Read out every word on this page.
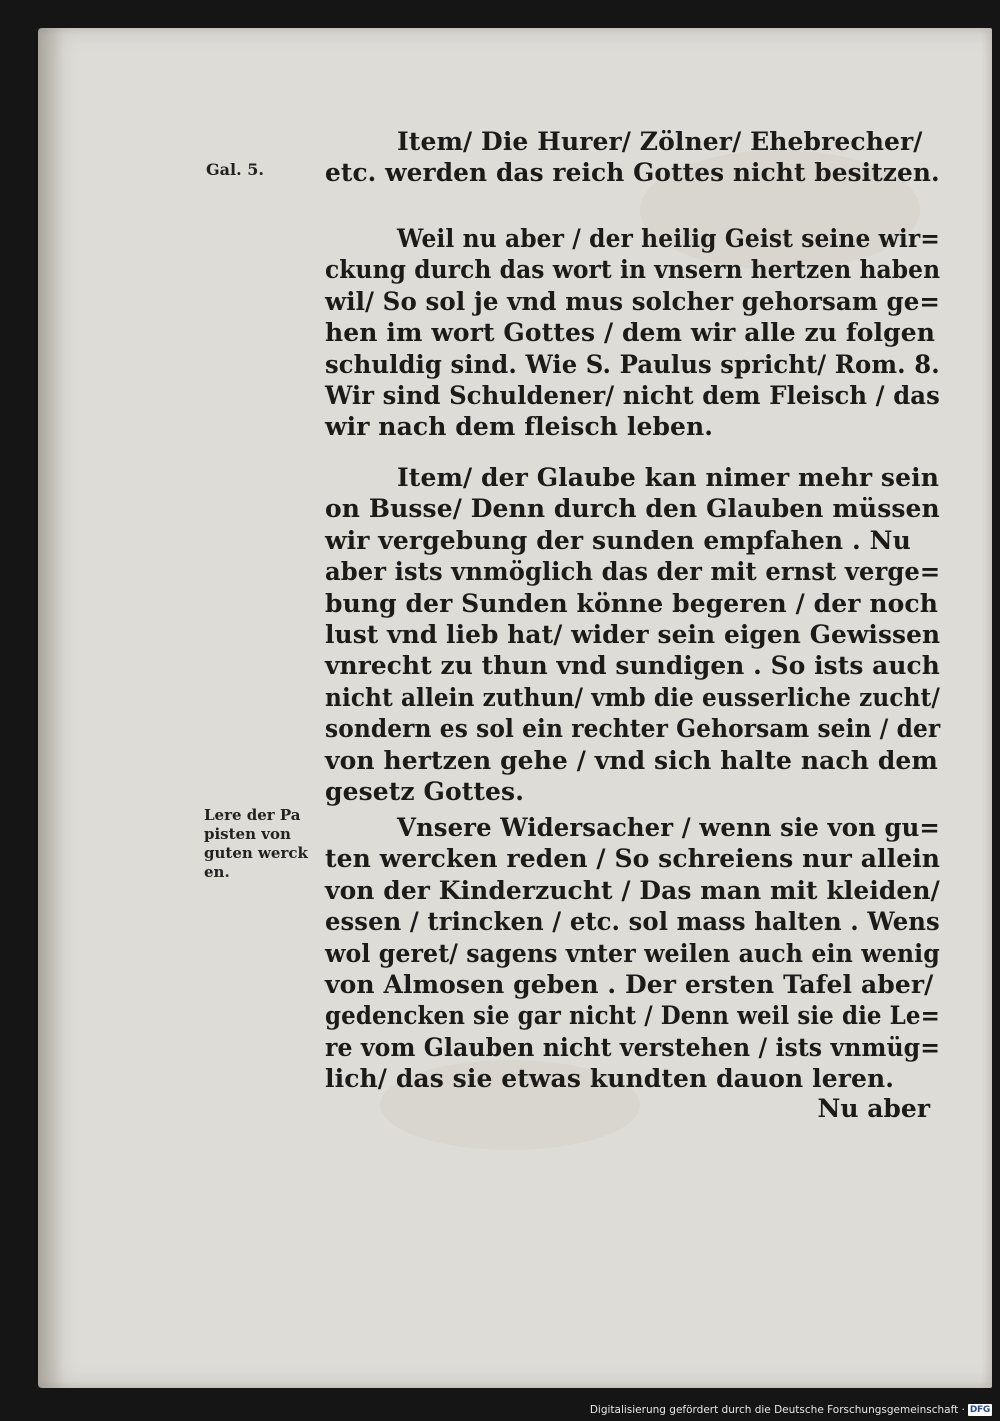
Gal. 5.
Lere der Pa
pisten von
guten werck
en.
Item/ Die Hurer/ Zölner/ Ehebrecher/
etc. werden das reich Gottes nicht besitzen.
Weil nu aber / der heilig Geist seine wir=
ckung durch das wort in vnsern hertzen haben
wil/ So sol je vnd mus solcher gehorsam ge=
hen im wort Gottes / dem wir alle zu folgen
schuldig sind. Wie S. Paulus spricht/ Rom. 8.
Wir sind Schuldener/ nicht dem Fleisch / das
wir nach dem fleisch leben.
Item/ der Glaube kan nimer mehr sein
on Busse/ Denn durch den Glauben müssen
wir vergebung der sunden empfahen . Nu
aber ists vnmöglich das der mit ernst verge=
bung der Sunden könne begeren / der noch
lust vnd lieb hat/ wider sein eigen Gewissen
vnrecht zu thun vnd sundigen . So ists auch
nicht allein zuthun/ vmb die eusserliche zucht/
sondern es sol ein rechter Gehorsam sein / der
von hertzen gehe / vnd sich halte nach dem
gesetz Gottes.
Vnsere Widersacher / wenn sie von gu=
ten wercken reden / So schreiens nur allein
von der Kinderzucht / Das man mit kleiden/
essen / trincken / etc. sol mass halten . Wens
wol geret/ sagens vnter weilen auch ein wenig
von Almosen geben . Der ersten Tafel aber/
gedencken sie gar nicht / Denn weil sie die Le=
re vom Glauben nicht verstehen / ists vnmüg=
lich/ das sie etwas kundten dauon leren.
Nu aber
Digitalisierung gefördert durch die Deutsche Forschungsgemeinschaft · DFG
